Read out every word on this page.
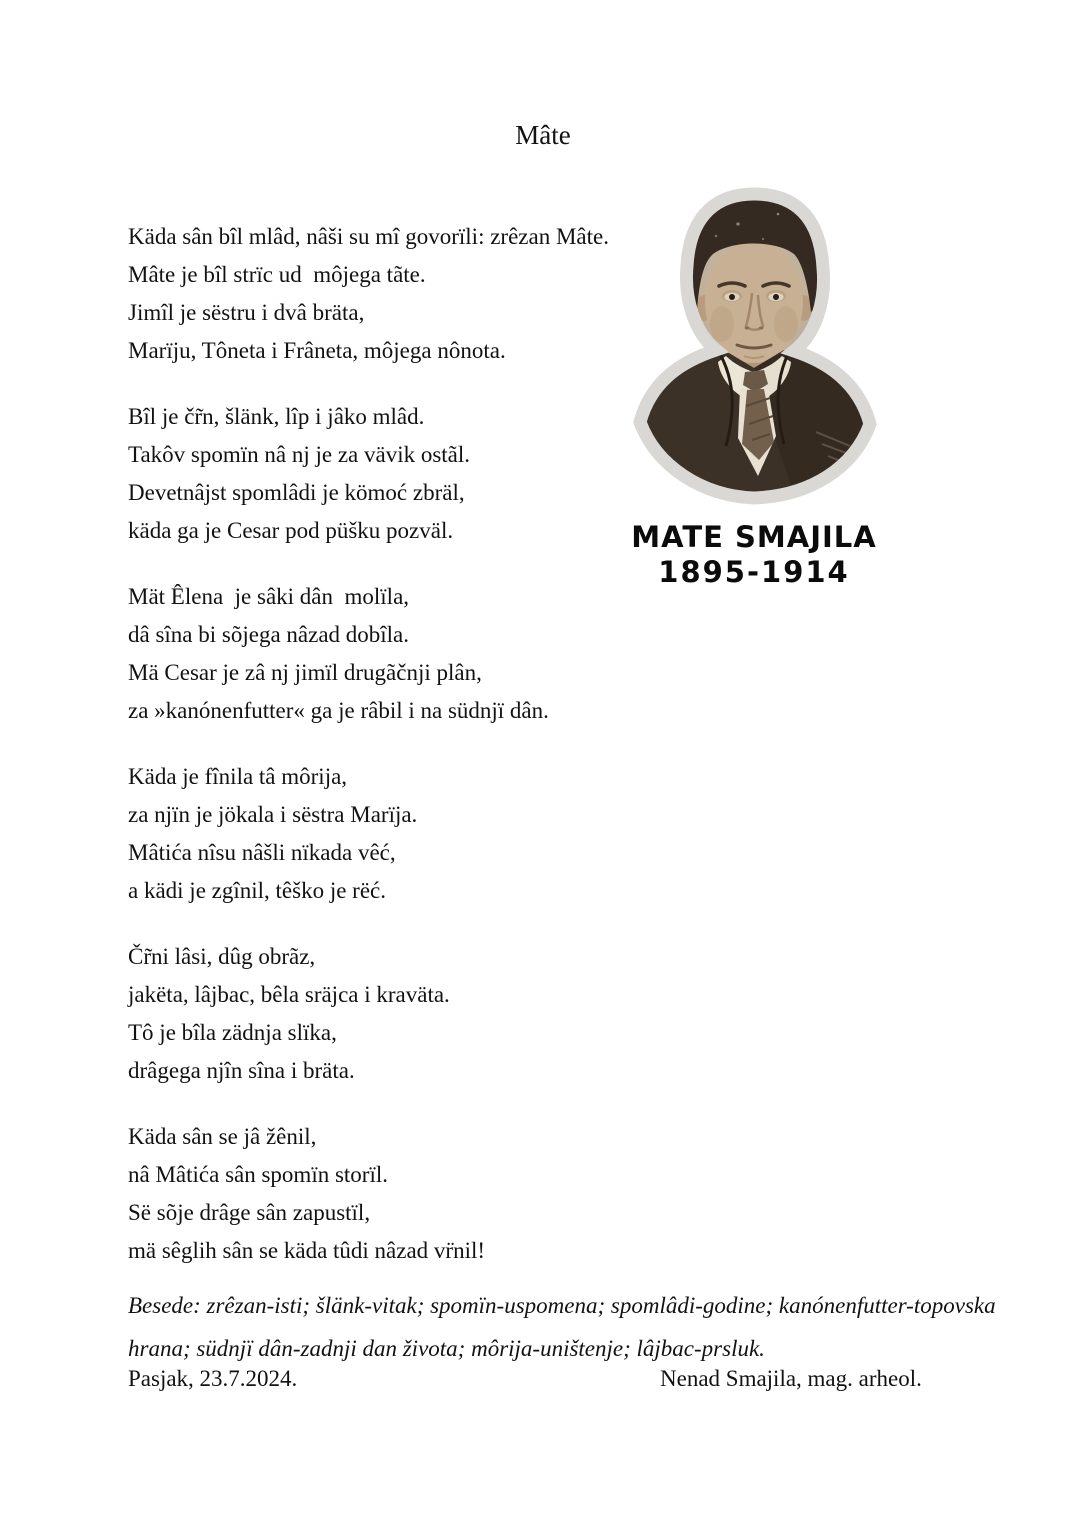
Mâte
MATE SMAJILA
1895-1914

Käda sân bîl mlâd, nâši su mî govorïli: zrêzan Mâte.

Mâte je bîl strïc ud  môjega tãte.

Jimîl je sëstru i dvâ bräta,

Marïju, Tôneta i Frâneta, môjega nônota.

Bîl je čr̃n, šlänk, lîp i jâko mlâd.

Takôv spomïn nâ nj je za vävik ostãl.

Devetnâjst spomlâdi je kömoć zbräl,

käda ga je Cesar pod püšku pozväl.

Mät Êlena  je sâki dân  molïla,

dâ sîna bi sõjega nâzad dobîla.

Mä Cesar je zâ nj jimïl drugãčnji plân,

za »kanónenfutter« ga je râbil i na südnjï dân.

Käda je fînila tâ môrija,

za njïn je jökala i sëstra Marïja.

Mâtića nîsu nâšli nïkada vêć,

a kädi je zgînil, têško je rëć.

Čr̃ni lâsi, dûg obrãz,

jakëta, lâjbac, bêla sräjca i kraväta.

Tô je bîla zädnja slïka,

drâgega njîn sîna i bräta.

Käda sân se jâ žênil,

nâ Mâtića sân spomïn storïl.

Së sõje drâge sân zapustïl,

mä sêglih sân se käda tûdi nâzad vr̈nil!

Besede: zrêzan-isti; šlänk-vitak; spomïn-uspomena; spomlâdi-godine; kanónenfutter-topovska

hrana; südnjï dân-zadnji dan života; môrija-uništenje; lâjbac-prsluk.

Pasjak, 23.7.2024.	Nenad Smajila, mag. arheol.
